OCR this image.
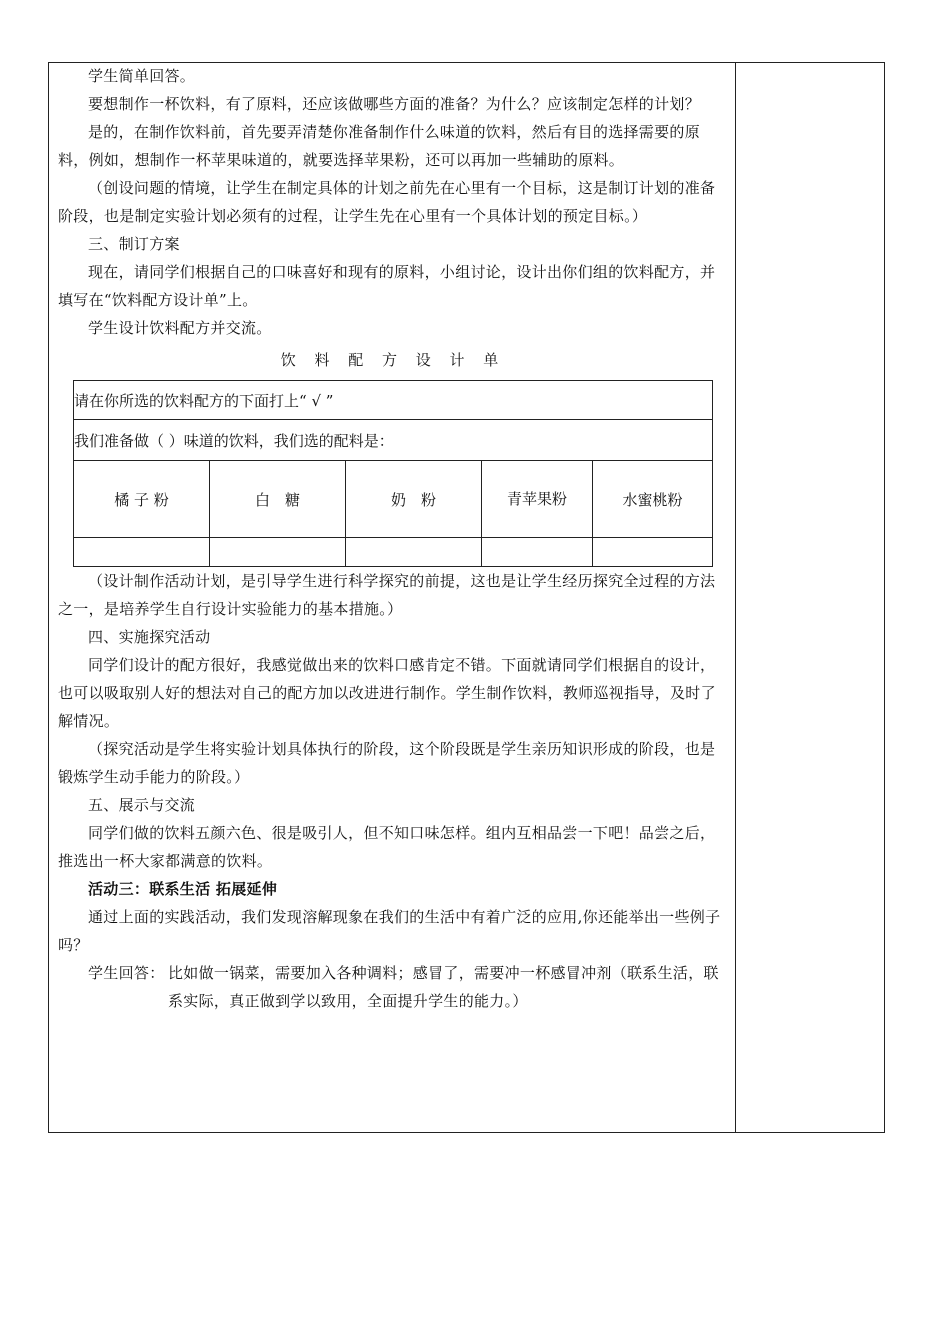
学生简单回答。

要想制作一杯饮料，有了原料，还应该做哪些方面的准备？为什么？应该制定怎样的计划？

是的，在制作饮料前，首先要弄清楚你准备制作什么味道的饮料，然后有目的选择需要的原料，例如，想制作一杯苹果味道的，就要选择苹果粉，还可以再加一些辅助的原料。

（创设问题的情境，让学生在制定具体的计划之前先在心里有一个目标，这是制订计划的准备阶段，也是制定实验计划必须有的过程，让学生先在心里有一个具体计划的预定目标。）

三、制订方案

现在，请同学们根据自己的口味喜好和现有的原料，小组讨论，设计出你们组的饮料配方，并填写在“饮料配方设计单”上。

学生设计饮料配方并交流。

饮 料 配 方 设 计 单

请在你所选的饮料配方的下面打上“ √ ”				
我们准备做（ ）味道的饮料，我们选的配料是：				
橘 子 粉	白　糖	奶　粉	青苹果粉	水蜜桃粉

（设计制作活动计划，是引导学生进行科学探究的前提，这也是让学生经历探究全过程的方法之一，是培养学生自行设计实验能力的基本措施。）

四、实施探究活动

同学们设计的配方很好，我感觉做出来的饮料口感肯定不错。下面就请同学们根据自的设计，也可以吸取别人好的想法对自己的配方加以改进进行制作。学生制作饮料，教师巡视指导，及时了解情况。

（探究活动是学生将实验计划具体执行的阶段，这个阶段既是学生亲历知识形成的阶段，也是锻炼学生动手能力的阶段。）

五、展示与交流

同学们做的饮料五颜六色、很是吸引人，但不知口味怎样。组内互相品尝一下吧！品尝之后，推选出一杯大家都满意的饮料。

活动三：联系生活 拓展延伸

通过上面的实践活动，我们发现溶解现象在我们的生活中有着广泛的应用,你还能举出一些例子吗？

学生回答： 比如做一锅菜，需要加入各种调料；感冒了，需要冲一杯感冒冲剂（联系生活，联系实际，真正做到学以致用，全面提升学生的能力。）
